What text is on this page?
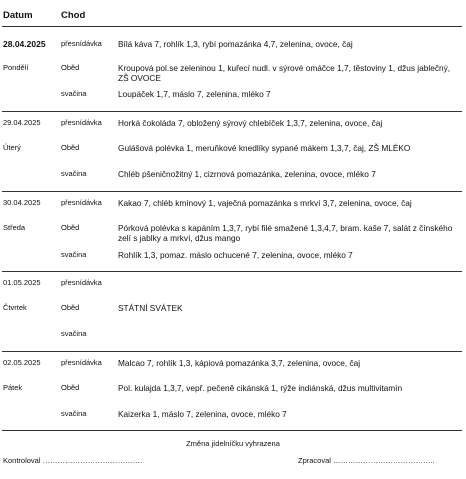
Datum	Chod
28.04.2025
Pondělí
přesnídávka Bílá káva 7, rohlík 1,3, rybí pomazánka 4,7, zelenina, ovoce, čaj
Oběd	Kroupová pol.se zeleninou 1, kuřecí nudl. v sýrové omáčce 1,7, těstoviny 1, džus jablečný, ZŠ OVOCE
svačina	Loupáček 1,7, máslo 7, zelenina, mléko 7
29.04.2025
Úterý
přesnídávka Horká čokoláda 7, obložený sýrový chlebíček 1,3,7, zelenina, ovoce, čaj
Oběd	Gulášová polévka 1, meruňkové knedlíky sypané mákem 1,3,7, čaj, ZŠ MLÉKO
svačina	Chléb pšeničnožitný 1, cizrnová pomazánka, zelenina, ovoce, mléko 7
30.04.2025
Středa
přesnídávka Kakao 7, chléb kmínový 1, vaječná pomazánka s mrkví 3,7, zelenina, ovoce, čaj
Oběd	Pórková polévka s kapáním 1,3,7, rybí filé smažené 1,3,4,7, bram. kaše 7, salát z čínského zelí s jablky a mrkví, džus mango
svačina	Rohlík 1,3, pomaz. máslo ochucené 7, zelenina, ovoce, mléko 7
01.05.2025
Čtvrtek
přesnídávka
Oběd	STÁTNÍ SVÁTEK
svačina
02.05.2025
Pátek
přesnídávka Malcao 7, rohlík 1,3, kápiová pomazánka 3,7, zelenina, ovoce, čaj
Oběd	Pol. kulajda 1,3,7, vepř. pečeně cikánská 1, rýže indiánská, džus multivitamín
svačina	Kaizerka 1, máslo 7, zelenina, ovoce, mléko 7
Změna jídelníčku vyhrazena
Kontroloval ………………………………….	Zpracoval …………………………………..
